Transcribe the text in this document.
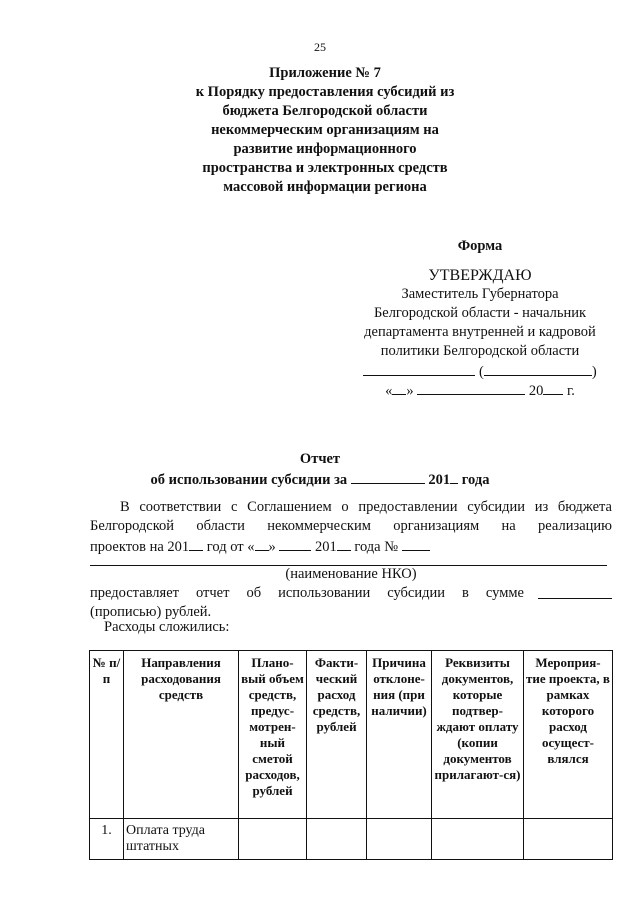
25
Приложение № 7
к Порядку предоставления субсидий из
бюджета Белгородской области
некоммерческим организациям на
развитие информационного
пространства и электронных средств
массовой информации региона
Форма
УТВЕРЖДАЮ
Заместитель Губернатора
Белгородской области - начальник
департамента внутренней и кадровой
политики Белгородской области
(	)
« »	20 г.
Отчет
об использовании субсидии за	201 года
В соответствии с Соглашением о предоставлении субсидии из бюджета
Белгородской области некоммерческим организациям на реализацию
проектов на 201 год от « »	201 года №
(наименование НКО)
предоставляет отчет об использовании субсидии в сумме
(прописью) рублей.
Расходы сложились:
№ п/п	Направления расходования средств	Плано-вый объем средств, предус-мотрен-ный сметой расходов, рублей	Факти-ческий расход средств, рублей	Причина отклоне-ния (при наличии)	Реквизиты документов, которые подтвер-ждают оплату (копии документов прилагают-ся)	Мероприя-тие проекта, в рамках которого расход осущест-влялся
1.	Оплата труда штатных					
